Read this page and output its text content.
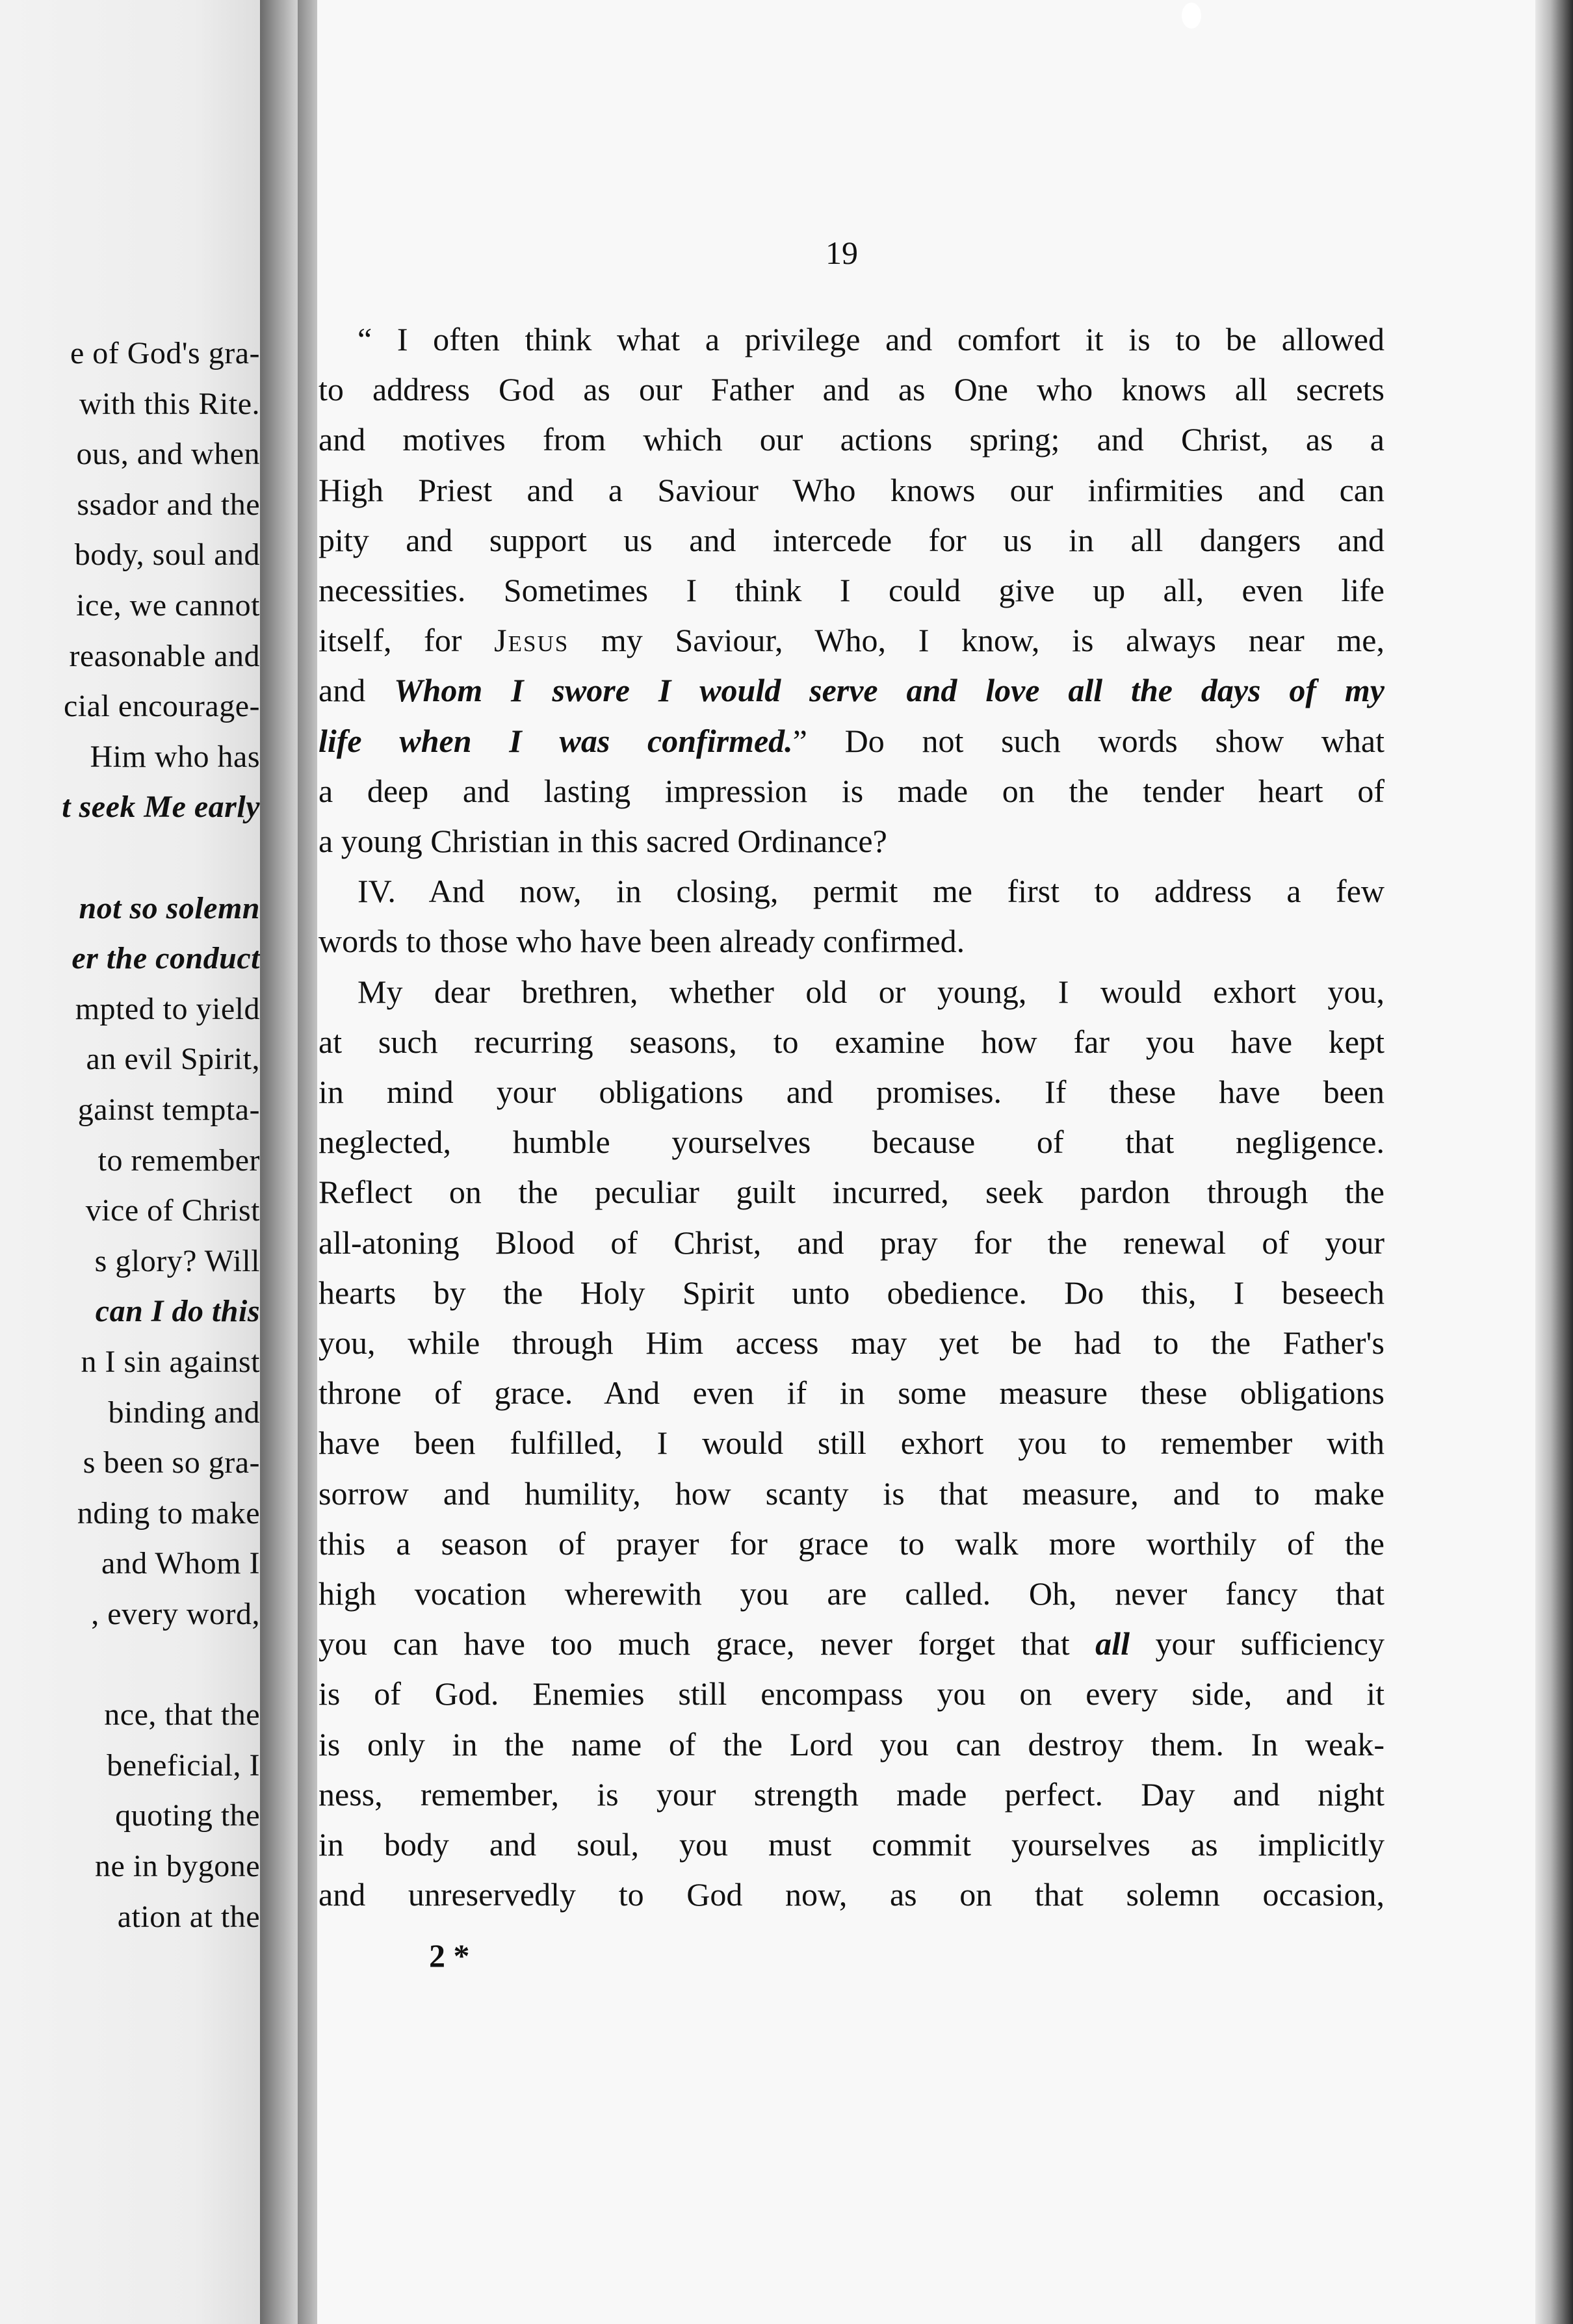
e of God's gra-
with this Rite.
ous, and when
ssador and the
body, soul and
ice, we cannot
reasonable and
cial encourage-
Him who has
t seek Me early
not so solemn
er the conduct
mpted to yield
an evil Spirit,
gainst tempta-
to remember
vice of Christ
s glory? Will
can I do this
n I sin against
binding and
s been so gra-
nding to make
and Whom I
, every word,
nce, that the
beneficial, I
quoting the
ne in bygone
ation at the
19
“ I often think what a privilege and comfort it is to be allowed
to address God as our Father and as One who knows all secrets
and motives from which our actions spring; and Christ, as a
High Priest and a Saviour Who knows our infirmities and can
pity and support us and intercede for us in all dangers and
necessities. Sometimes I think I could give up all, even life
itself, for Jesus my Saviour, Who, I know, is always near me,
and Whom I swore I would serve and love all the days of my
life when I was confirmed.” Do not such words show what
a deep and lasting impression is made on the tender heart of
a young Christian in this sacred Ordinance?
IV. And now, in closing, permit me first to address a few
words to those who have been already confirmed.
My dear brethren, whether old or young, I would exhort you,
at such recurring seasons, to examine how far you have kept
in mind your obligations and promises. If these have been
neglected, humble yourselves because of that negligence.
Reflect on the peculiar guilt incurred, seek pardon through the
all-atoning Blood of Christ, and pray for the renewal of your
hearts by the Holy Spirit unto obedience. Do this, I beseech
you, while through Him access may yet be had to the Father's
throne of grace. And even if in some measure these obligations
have been fulfilled, I would still exhort you to remember with
sorrow and humility, how scanty is that measure, and to make
this a season of prayer for grace to walk more worthily of the
high vocation wherewith you are called. Oh, never fancy that
you can have too much grace, never forget that all your sufficiency
is of God. Enemies still encompass you on every side, and it
is only in the name of the Lord you can destroy them. In weak-
ness, remember, is your strength made perfect. Day and night
in body and soul, you must commit yourselves as implicitly
and unreservedly to God now, as on that solemn occasion,
2 *
